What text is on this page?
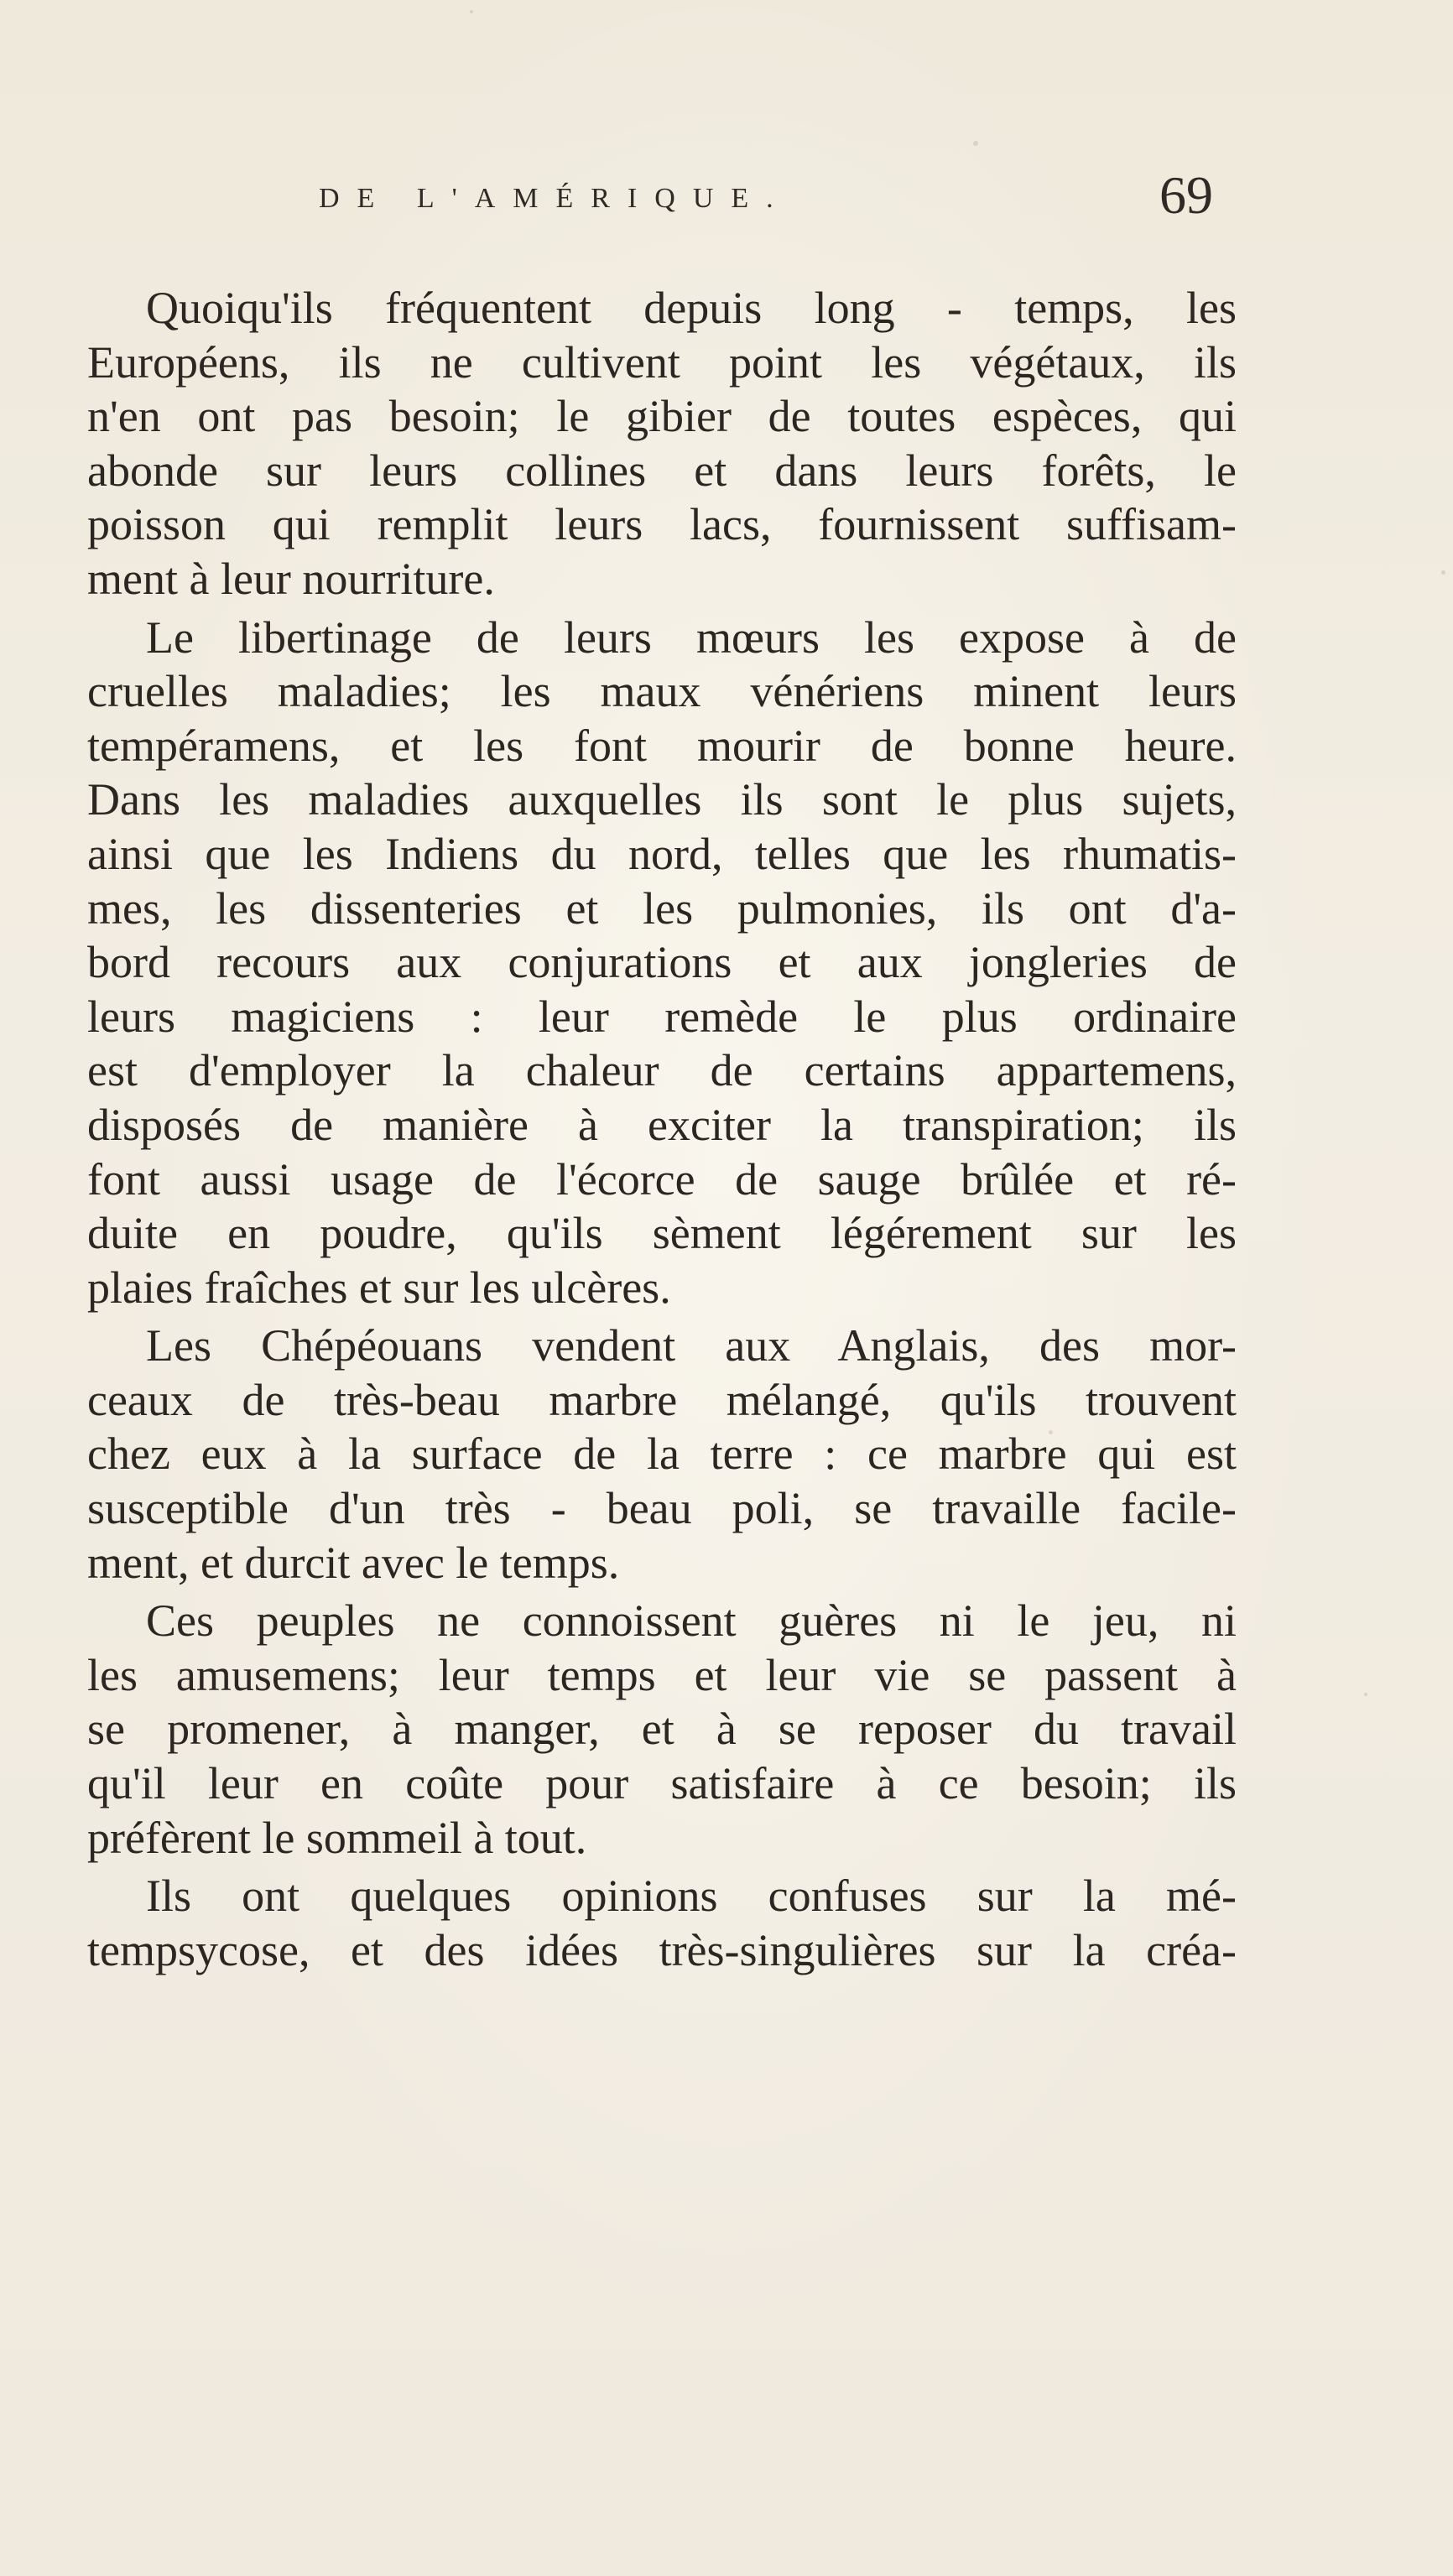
DE L'AMÉRIQUE.	69
Quoiqu'ils fréquentent depuis long - temps, les
Européens, ils ne cultivent point les végétaux, ils
n'en ont pas besoin; le gibier de toutes espèces, qui
abonde sur leurs collines et dans leurs forêts, le
poisson qui remplit leurs lacs, fournissent suffisam-
ment à leur nourriture.
Le libertinage de leurs mœurs les expose à de
cruelles maladies; les maux vénériens minent leurs
tempéramens, et les font mourir de bonne heure.
Dans les maladies auxquelles ils sont le plus sujets,
ainsi que les Indiens du nord, telles que les rhumatis-
mes, les dissenteries et les pulmonies, ils ont d'a-
bord recours aux conjurations et aux jongleries de
leurs magiciens : leur remède le plus ordinaire
est d'employer la chaleur de certains appartemens,
disposés de manière à exciter la transpiration; ils
font aussi usage de l'écorce de sauge brûlée et ré-
duite en poudre, qu'ils sèment légérement sur les
plaies fraîches et sur les ulcères.
Les Chépéouans vendent aux Anglais, des mor-
ceaux de très-beau marbre mélangé, qu'ils trouvent
chez eux à la surface de la terre : ce marbre qui est
susceptible d'un très - beau poli, se travaille facile-
ment, et durcit avec le temps.
Ces peuples ne connoissent guères ni le jeu, ni
les amusemens; leur temps et leur vie se passent à
se promener, à manger, et à se reposer du travail
qu'il leur en coûte pour satisfaire à ce besoin; ils
préfèrent le sommeil à tout.
Ils ont quelques opinions confuses sur la mé-
tempsycose, et des idées très-singulières sur la créa-
